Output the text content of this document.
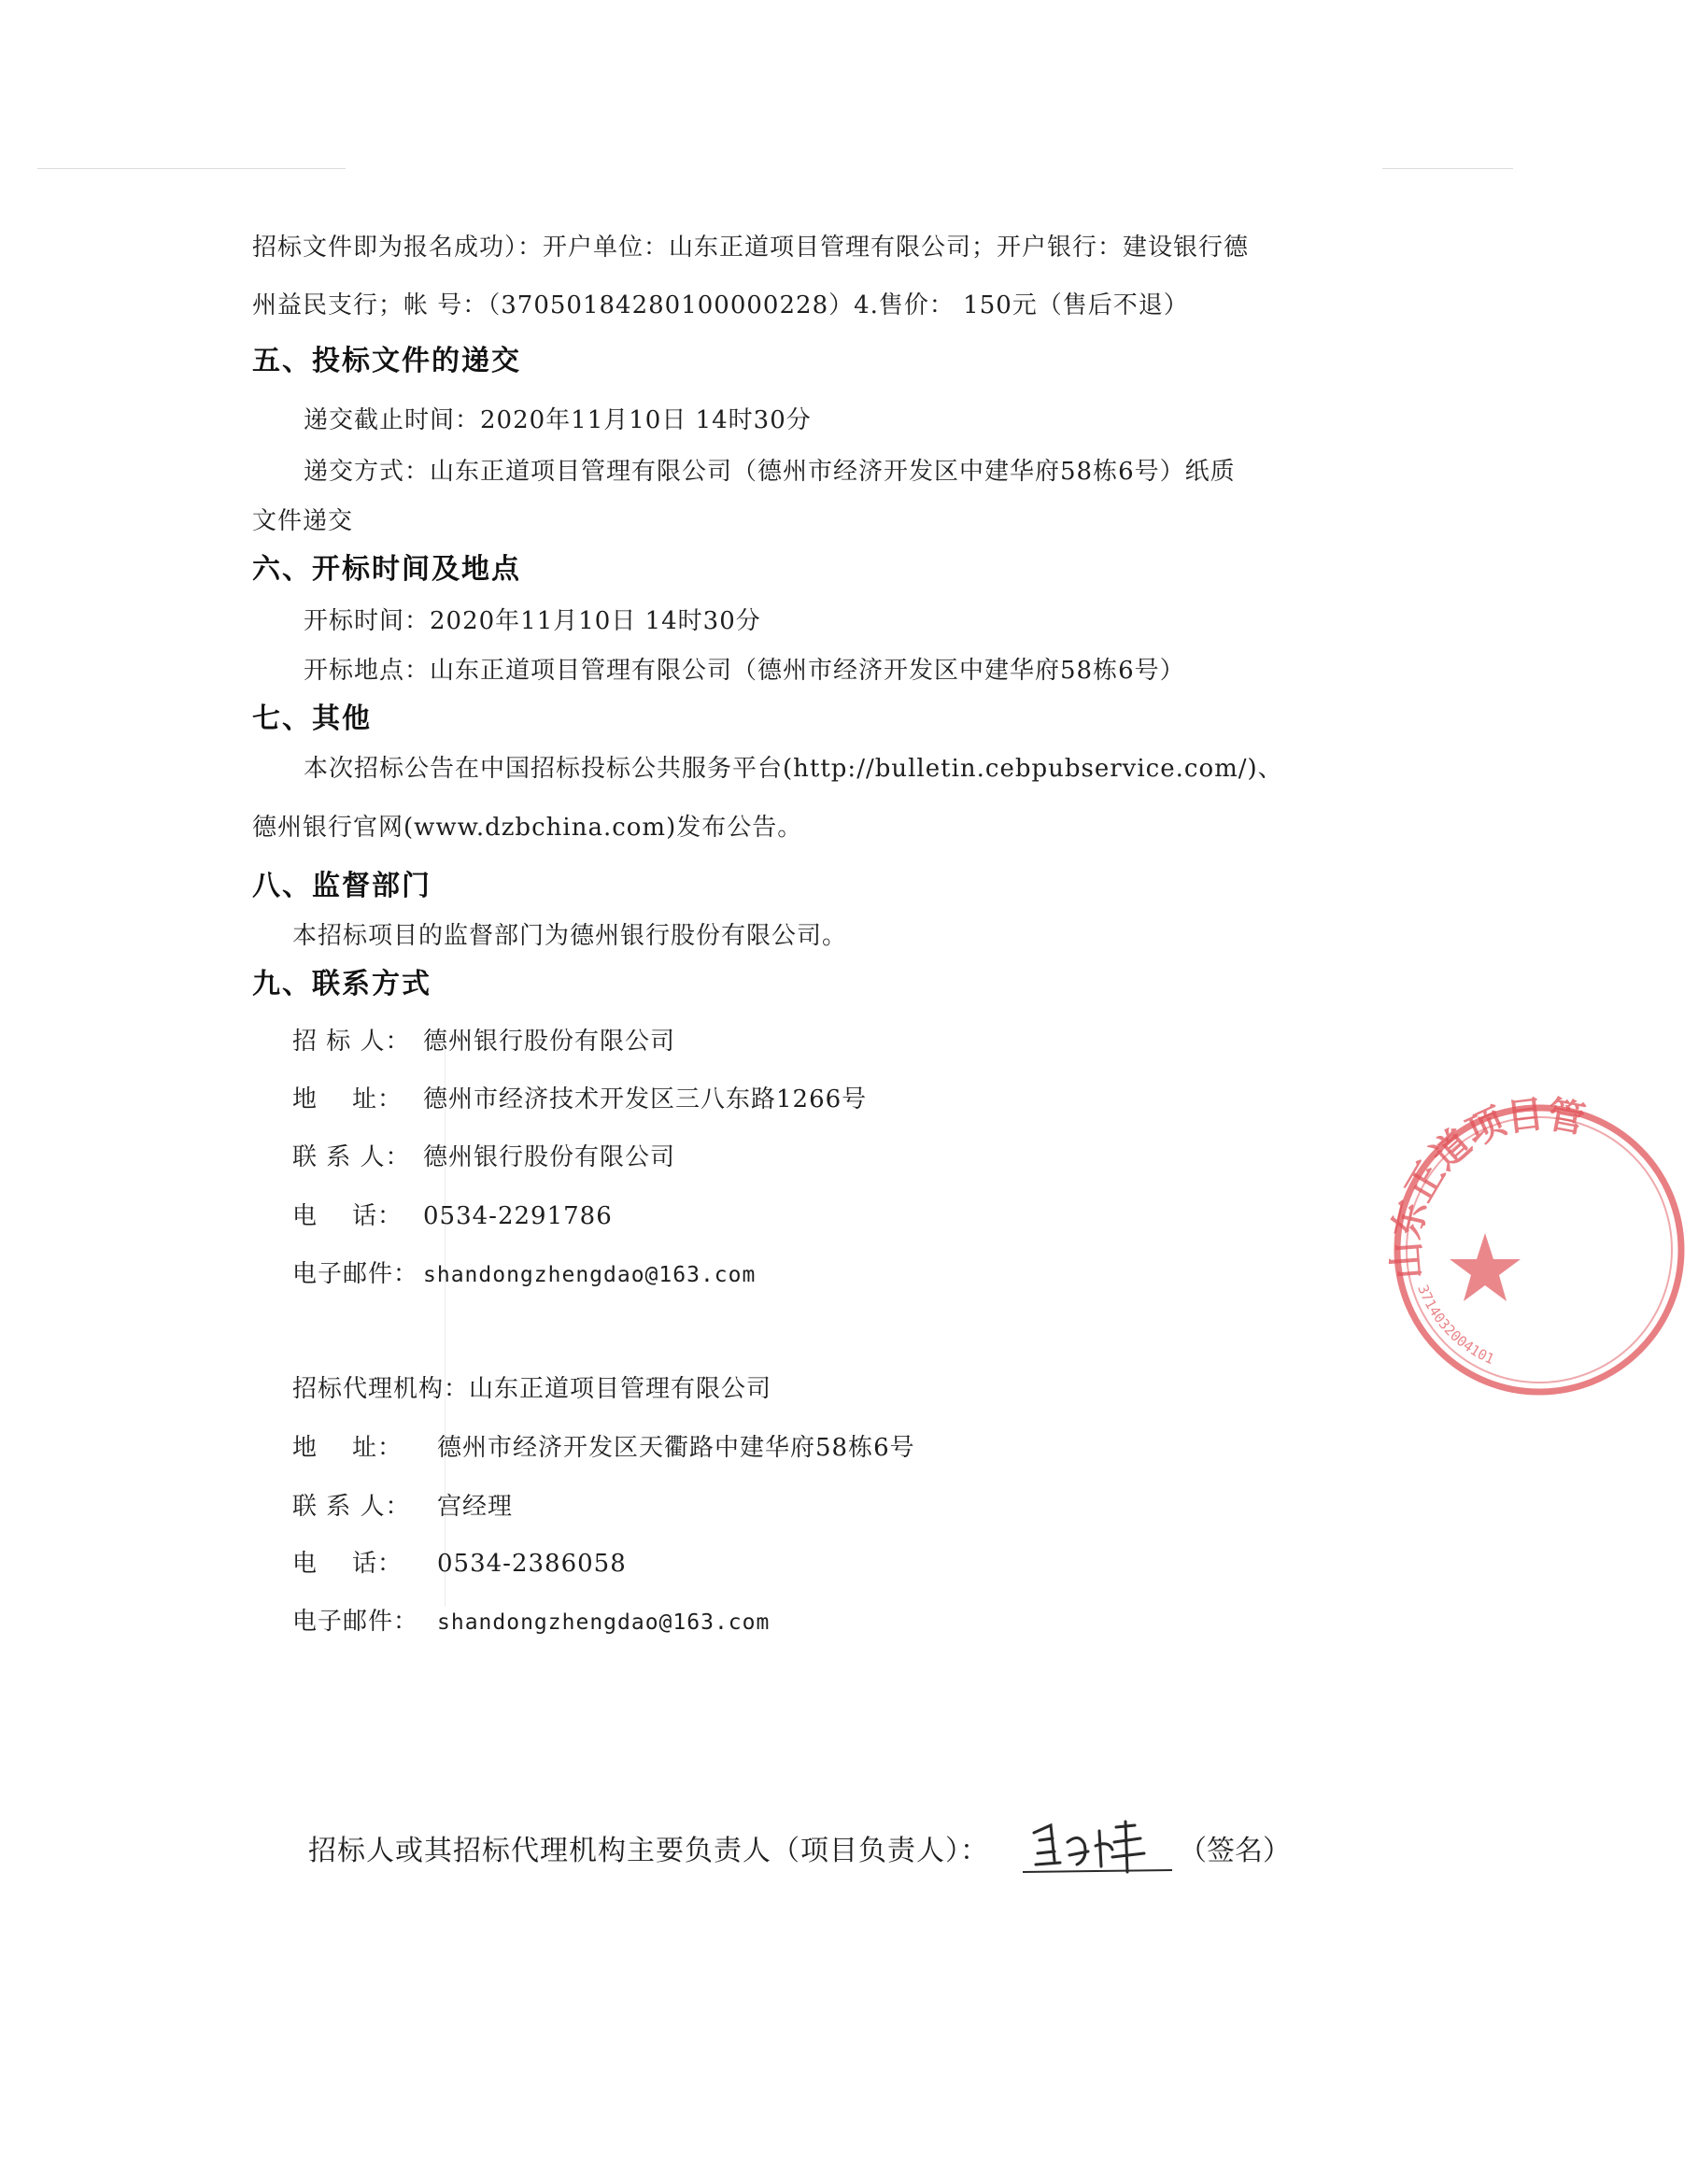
招标文件即为报名成功）：开户单位：山东正道项目管理有限公司；开户银行：建设银行德
州益民支行；帐 号：（37050184280100000228）4.售价： 150元（售后不退）
五、投标文件的递交
递交截止时间：2020年11月10日 14时30分
递交方式：山东正道项目管理有限公司（德州市经济开发区中建华府58栋6号）纸质
文件递交
六、开标时间及地点
开标时间：2020年11月10日 14时30分
开标地点：山东正道项目管理有限公司（德州市经济开发区中建华府58栋6号）
七、其他
本次招标公告在中国招标投标公共服务平台(http://bulletin.cebpubservice.com/)、
德州银行官网(www.dzbchina.com)发布公告。
八、监督部门
本招标项目的监督部门为德州银行股份有限公司。
九、联系方式
招 标 人： 德州银行股份有限公司
地    址： 德州市经济技术开发区三八东路1266号
联 系 人： 德州银行股份有限公司
电    话： 0534-2291786
电子邮件： shandongzhengdao@163.com
招标代理机构：山东正道项目管理有限公司
地    址： 德州市经济开发区天衢路中建华府58栋6号
联 系 人： 宫经理
电    话： 0534-2386058
电子邮件： shandongzhengdao@163.com
招标人或其招标代理机构主要负责人（项目负责人）：	（签名）
山东正道项目管
3714032004101
